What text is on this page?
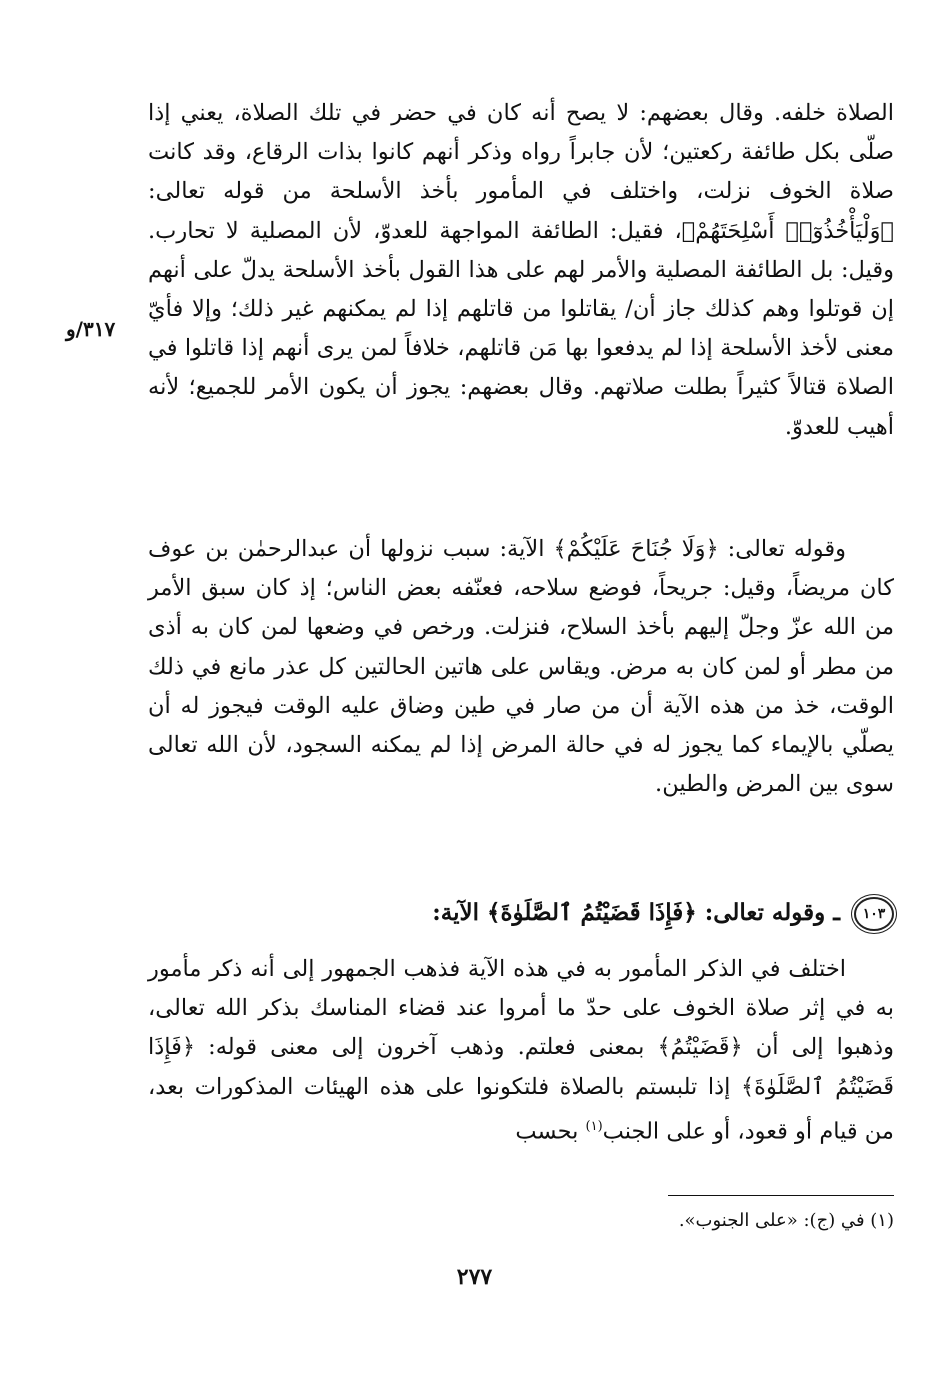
٣١٧/و

الصلاة خلفه. وقال بعضهم: لا يصح أنه كان في حضر في تلك الصلاة، يعني إذا صلّى بكل طائفة ركعتين؛ لأن جابراً رواه وذكر أنهم كانوا بذات الرقاع، وقد كانت صلاة الخوف نزلت، واختلف في المأمور بأخذ الأسلحة من قوله تعالى: ﴿وَلْيَأْخُذُوٓا۟ أَسْلِحَتَهُمْ﴾، فقيل: الطائفة المواجهة للعدوّ، لأن المصلية لا تحارب. وقيل: بل الطائفة المصلية والأمر لهم على هذا القول بأخذ الأسلحة يدلّ على أنهم إن قوتلوا وهم كذلك جاز أن/ يقاتلوا من قاتلهم إذا لم يمكنهم غير ذلك؛ وإلا فأيّ معنى لأخذ الأسلحة إذا لم يدفعوا بها مَن قاتلهم، خلافاً لمن يرى أنهم إذا قاتلوا في الصلاة قتالاً كثيراً بطلت صلاتهم. وقال بعضهم: يجوز أن يكون الأمر للجميع؛ لأنه أهيب للعدوّ.

وقوله تعالى: ﴿وَلَا جُنَاحَ عَلَيْكُمْ﴾ الآية: سبب نزولها أن عبدالرحمٰن بن عوف كان مريضاً، وقيل: جريحاً، فوضع سلاحه، فعنّفه بعض الناس؛ إذ كان سبق الأمر من الله عزّ وجلّ إليهم بأخذ السلاح، فنزلت. ورخص في وضعها لمن كان به أذى من مطر أو لمن كان به مرض. ويقاس على هاتين الحالتين كل عذر مانع في ذلك الوقت، خذ من هذه الآية أن من صار في طين وضاق عليه الوقت فيجوز له أن يصلّي بالإيماء كما يجوز له في حالة المرض إذا لم يمكنه السجود، لأن الله تعالى سوى بين المرض والطين.

١٠٣ ـ وقوله تعالى: ﴿فَإِذَا قَضَيْتُمُ ٱلصَّلَوٰةَ﴾ الآية:

اختلف في الذكر المأمور به في هذه الآية فذهب الجمهور إلى أنه ذكر مأمور به في إثر صلاة الخوف على حدّ ما أمروا عند قضاء المناسك بذكر الله تعالى، وذهبوا إلى أن ﴿قَضَيْتُمُ﴾ بمعنى فعلتم. وذهب آخرون إلى معنى قوله: ﴿فَإِذَا قَضَيْتُمُ ٱلصَّلَوٰةَ﴾ إذا تلبستم بالصلاة فلتكونوا على هذه الهيئات المذكورات بعد، من قيام أو قعود، أو على الجنب$^{(١)}$ بحسب

(١) في (ج): «على الجنوب».
٢٧٧
